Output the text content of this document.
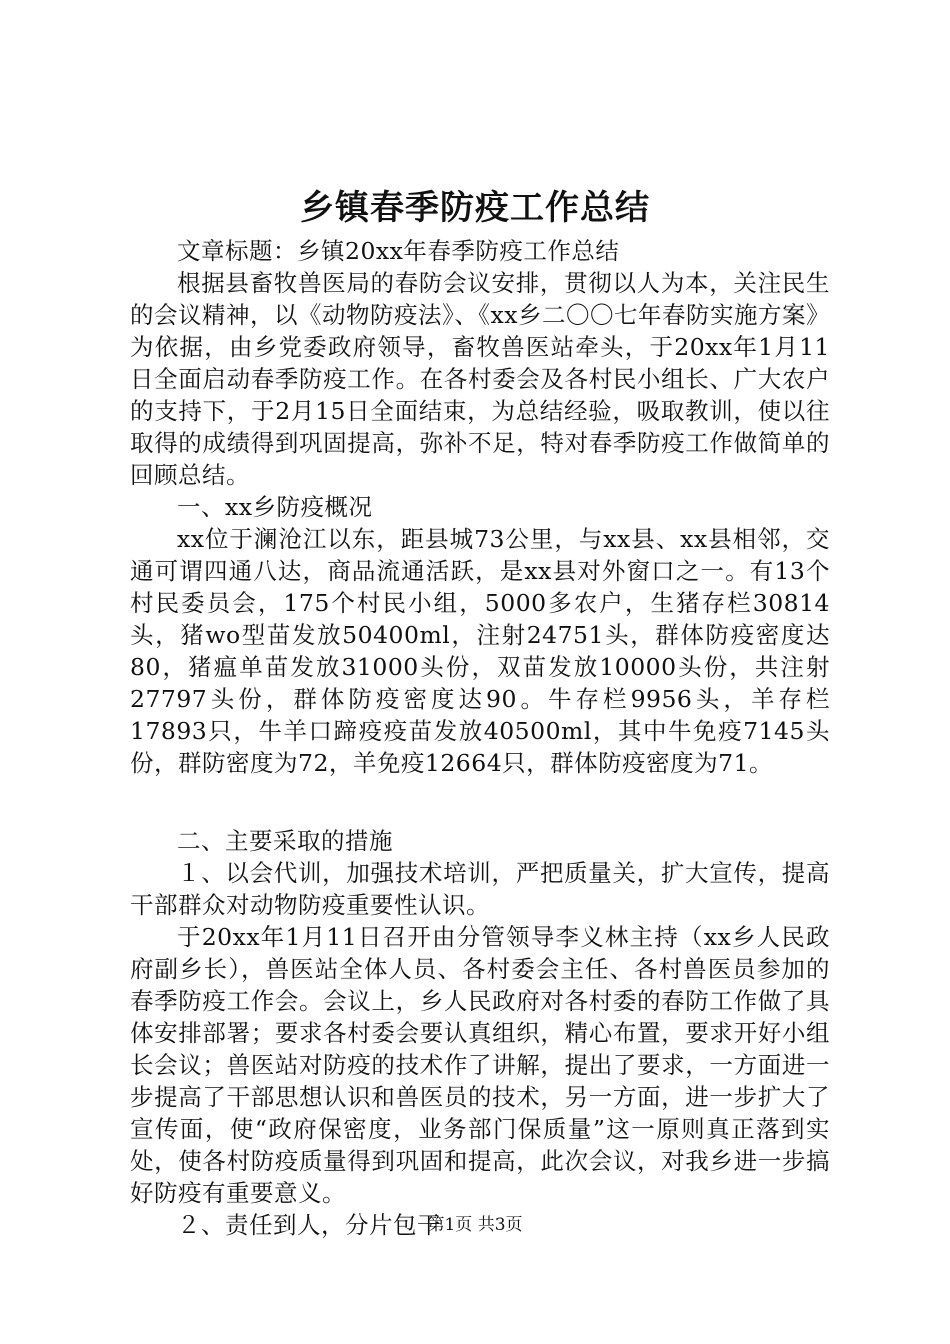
乡镇春季防疫工作总结

文章标题：乡镇20xx年春季防疫工作总结

根据县畜牧兽医局的春防会议安排，贯彻以人为本，关注民生的会议精神，以《动物防疫法》、《xx乡二〇〇七年春防实施方案》为依据，由乡党委政府领导，畜牧兽医站牵头，于20xx年1月11日全面启动春季防疫工作。在各村委会及各村民小组长、广大农户的支持下，于2月15日全面结束，为总结经验，吸取教训，使以往取得的成绩得到巩固提高，弥补不足，特对春季防疫工作做简单的回顾总结。

一、xx乡防疫概况

xx位于澜沧江以东，距县城73公里，与xx县、xx县相邻，交通可谓四通八达，商品流通活跃，是xx县对外窗口之一。有13个村民委员会，175个村民小组，5000多农户，生猪存栏30814头，猪wo型苗发放50400ml，注射24751头，群体防疫密度达80，猪瘟单苗发放31000头份，双苗发放10000头份，共注射27797头份，群体防疫密度达90。牛存栏9956头，羊存栏17893只，牛羊口蹄疫疫苗发放40500ml，其中牛免疫7145头份，群防密度为72，羊免疫12664只，群体防疫密度为71。

二、主要采取的措施

１、以会代训，加强技术培训，严把质量关，扩大宣传，提高干部群众对动物防疫重要性认识。

于20xx年1月11日召开由分管领导李义林主持（xx乡人民政府副乡长），兽医站全体人员、各村委会主任、各村兽医员参加的春季防疫工作会。会议上，乡人民政府对各村委的春防工作做了具体安排部署；要求各村委会要认真组织，精心布置，要求开好小组长会议；兽医站对防疫的技术作了讲解，提出了要求，一方面进一步提高了干部思想认识和兽医员的技术，另一方面，进一步扩大了宣传面，使“政府保密度，业务部门保质量”这一原则真正落到实处，使各村防疫质量得到巩固和提高，此次会议，对我乡进一步搞好防疫有重要意义。

２、责任到人，分片包干

第1页 共3页
